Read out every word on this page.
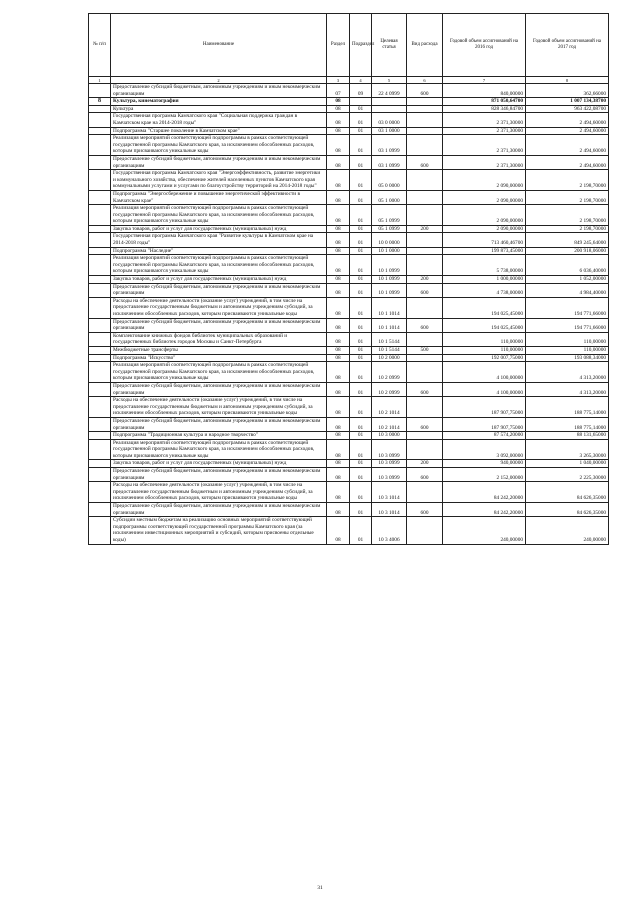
№ п/п	Наименование	Раздел	Подраздел	Целевая статья	Вид расхода	Годовой объем ассигнований на 2016 год	Годовой объем ассигнований на 2017 год
1	2	3	4	5	6	7	8
	Предоставление субсидий бюджетным, автономным учреждениям и иным некоммерческим организациям	07	09	22 4 0999	600	840,00000	362,66000
8	Культура, кинематография	08				871 050,64700	1 007 134,38700
	Культура	08	01			828 346,84700	963 422,08700
	Государственная программа Камчатского края "Социальная поддержка граждан в Камчатском крае на 2014-2018 годы"	08	01	03 0 0000		2 371,30000	2 494,60000
	Подпрограмма "Старшее поколение в Камчатском крае"	08	01	03 1 0000		2 371,30000	2 494,60000
	Реализация мероприятий соответствующей подпрограммы в рамках соответствующей государственной программы Камчатского края, за исключением обособленных расходов, которым присваиваются уникальные коды	08	01	03 1 0999		2 371,30000	2 494,60000
	Предоставление субсидий бюджетным, автономным учреждениям и иным некоммерческим организациям	08	01	03 1 0999	600	2 371,30000	2 494,60000
	Государственная программа Камчатского края "Энергоэффективность, развитие энергетики и коммунального хозяйства, обеспечение жителей населенных пунктов Камчатского края коммунальными услугами и услугами по благоустройству территорий на 2014-2018 годы"	08	01	05 0 0000		2 090,00000	2 198,70000
	Подпрограмма "Энергосбережение и повышение энергетической эффективности в Камчатском крае"	08	01	05 1 0000		2 090,00000	2 198,70000
	Реализация мероприятий соответствующей подпрограммы в рамках соответствующей государственной программы Камчатского края, за исключением обособленных расходов, которым присваиваются уникальные коды	08	01	05 1 0999		2 090,00000	2 198,70000
	Закупка товаров, работ и услуг для государственных (муниципальных) нужд	08	01	05 1 0999	200	2 090,00000	2 198,70000
	Государственная программа Камчатского края "Развитие культуры в Камчатском крае на 2014-2018 годы"	08	01	10 0 0000		713 460,46700	849 245,64000
	Подпрограмма "Наследие"	08	01	10 1 0000		199 873,45000	200 918,06000
	Реализация мероприятий соответствующей подпрограммы в рамках соответствующей государственной программы Камчатского края, за исключением обособленных расходов, которым присваиваются уникальные коды	08	01	10 1 0999		5 738,00000	6 036,40000
	Закупка товаров, работ и услуг для государственных (муниципальных) нужд	08	01	10 1 0999	200	1 000,00000	1 052,00000
	Предоставление субсидий бюджетным, автономным учреждениям и иным некоммерческим организациям	08	01	10 1 0999	600	4 738,00000	4 984,40000
	Расходы на обеспечение деятельности (оказание услуг) учреждений, в том числе на предоставление государственным бюджетным и автономным учреждениям субсидий, за исключением обособленных расходов, которым присваиваются уникальные коды	08	01	10 1 1014		194 025,45000	194 771,66000
	Предоставление субсидий бюджетным, автономным учреждениям и иным некоммерческим организациям	08	01	10 1 1014	600	194 025,45000	194 771,66000
	Комплектование книжных фондов библиотек муниципальных образований и государственных библиотек городов Москвы и Санкт-Петербурга	08	01	10 1 5144		110,00000	110,00000
	Межбюджетные трансферты	08	01	10 1 5144	500	110,00000	110,00000
	Подпрограмма "Искусство"	08	01	10 2 0000		192 007,75000	193 088,34000
	Реализация мероприятий соответствующей подпрограммы в рамках соответствующей государственной программы Камчатского края, за исключением обособленных расходов, которым присваиваются уникальные коды	08	01	10 2 0999		4 100,00000	4 313,20000
	Предоставление субсидий бюджетным, автономным учреждениям и иным некоммерческим организациям	08	01	10 2 0999	600	4 100,00000	4 313,20000
	Расходы на обеспечение деятельности (оказание услуг) учреждений, в том числе на предоставление государственным бюджетным и автономным учреждениям субсидий, за исключением обособленных расходов, которым присваиваются уникальные коды	08	01	10 2 1014		187 907,75000	188 775,14000
	Предоставление субсидий бюджетным, автономным учреждениям и иным некоммерческим организациям	08	01	10 2 1014	600	187 907,75000	188 775,14000
	Подпрограмма "Традиционная культура и народное творчество"	08	01	10 3 0000		87 574,20000	88 131,65000
	Реализация мероприятий соответствующей подпрограммы в рамках соответствующей государственной программы Камчатского края, за исключением обособленных расходов, которым присваиваются уникальные коды	08	01	10 3 0999		3 092,00000	3 265,30000
	Закупка товаров, работ и услуг для государственных (муниципальных) нужд	08	01	10 3 0999	200	940,00000	1 040,00000
	Предоставление субсидий бюджетным, автономным учреждениям и иным некоммерческим организациям	08	01	10 3 0999	600	2 152,00000	2 225,30000
	Расходы на обеспечение деятельности (оказание услуг) учреждений, в том числе на предоставление государственным бюджетным и автономным учреждениям субсидий, за исключением обособленных расходов, которым присваиваются уникальные коды	08	01	10 3 1014		84 242,20000	84 626,35000
	Предоставление субсидий бюджетным, автономным учреждениям и иным некоммерческим организациям	08	01	10 3 1014	600	84 242,20000	84 626,35000
	Субсидии местным бюджетам на реализацию основных мероприятий соответствующей подпрограммы соответствующей государственной программы Камчатского края (за исключением инвестиционных мероприятий и субсидий, которым присвоены отдельные коды)	08	01	10 3 4006		240,00000	240,00000
31
